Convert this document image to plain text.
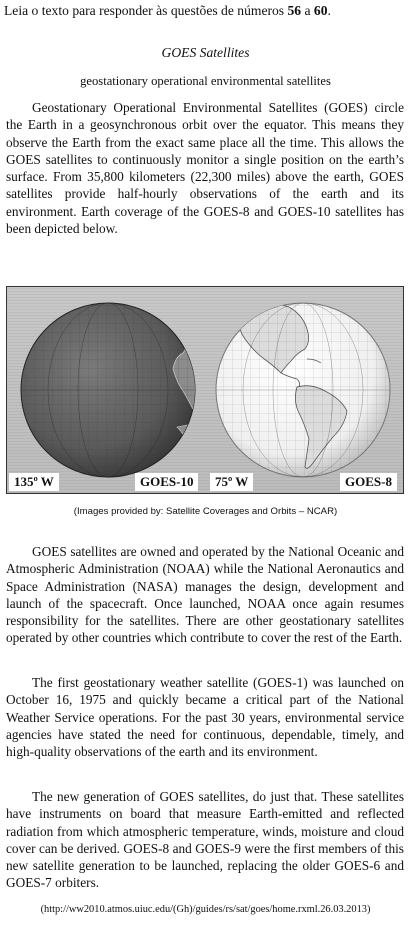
Leia o texto para responder às questões de números 56 a 60.
GOES Satellites
geostationary operational environmental satellites

Geostationary Operational Environmental Satellites (GOES) circle the Earth in a geosynchronous orbit over the equator. This means they observe the Earth from the exact same place all the time. This allows the GOES satellites to continuously monitor a single position on the earth’s surface. From 35,800 kilometers (22,300 miles) above the earth, GOES satellites provide half-hourly observations of the earth and its environment. Earth coverage of the GOES-8 and GOES-10 satellites has been depicted below.

135º W	GOES-10	75º W	GOES-8
(Images provided by: Satellite Coverages and Orbits – NCAR)

GOES satellites are owned and operated by the National Oceanic and Atmospheric Administration (NOAA) while the National Aeronautics and Space Administration (NASA) manages the design, development and launch of the spacecraft. Once launched, NOAA once again resumes responsibility for the satellites. There are other geostationary satellites operated by other countries which contribute to cover the rest of the Earth.

The first geostationary weather satellite (GOES-1) was launched on October 16, 1975 and quickly became a critical part of the National Weather Service operations. For the past 30 years, environmental service agencies have stated the need for continuous, dependable, timely, and high-quality observations of the earth and its environment.

The new generation of GOES satellites, do just that. These satellites have instruments on board that measure Earth-emitted and reflected radiation from which atmospheric temperature, winds, moisture and cloud cover can be derived. GOES-8 and GOES-9 were the first members of this new satellite generation to be launched, replacing the older GOES-6 and GOES-7 orbiters.

(http://ww2010.atmos.uiuc.edu/(Gh)/guides/rs/sat/goes/home.rxml.26.03.2013)
